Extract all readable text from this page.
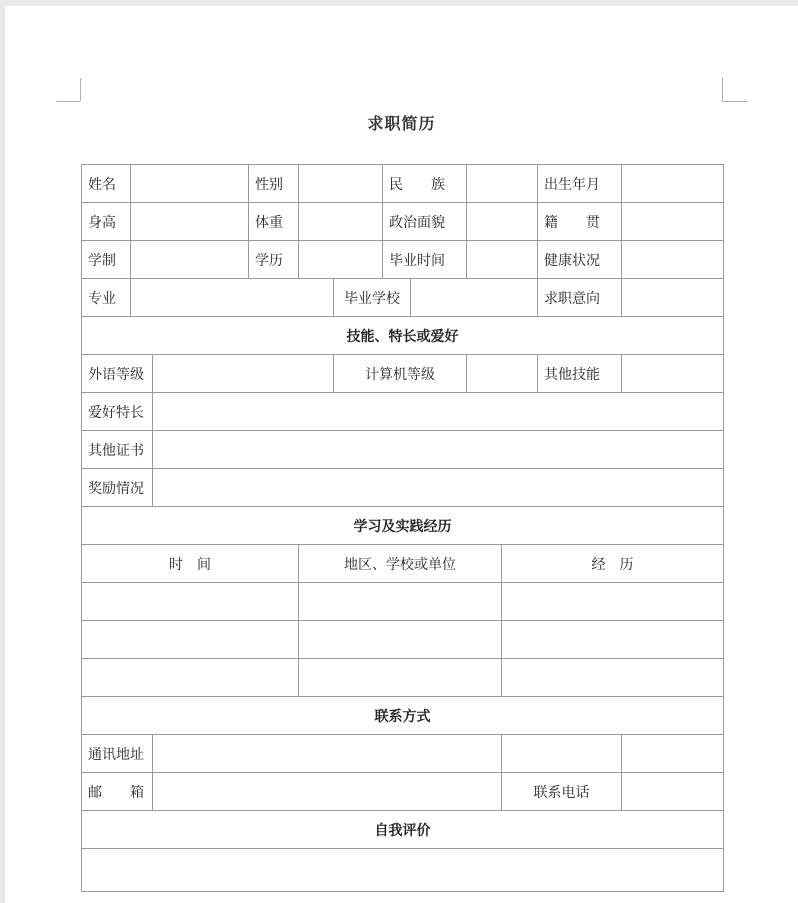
求职简历
姓名			性别			民　　族				出生年月	
身高			体重			政治面貌				籍　　贯	
学制			学历			毕业时间				健康状况	
专业					毕业学校					求职意向	
技能、特长或爱好											
外语等级					计算机等级					其他技能	
爱好特长											
其他证书											
奖励情况											
学习及实践经历											
时　间				地区、学校或单位					经　历		

联系方式											
通讯地址											
邮　　箱									联系电话		
自我评价											
